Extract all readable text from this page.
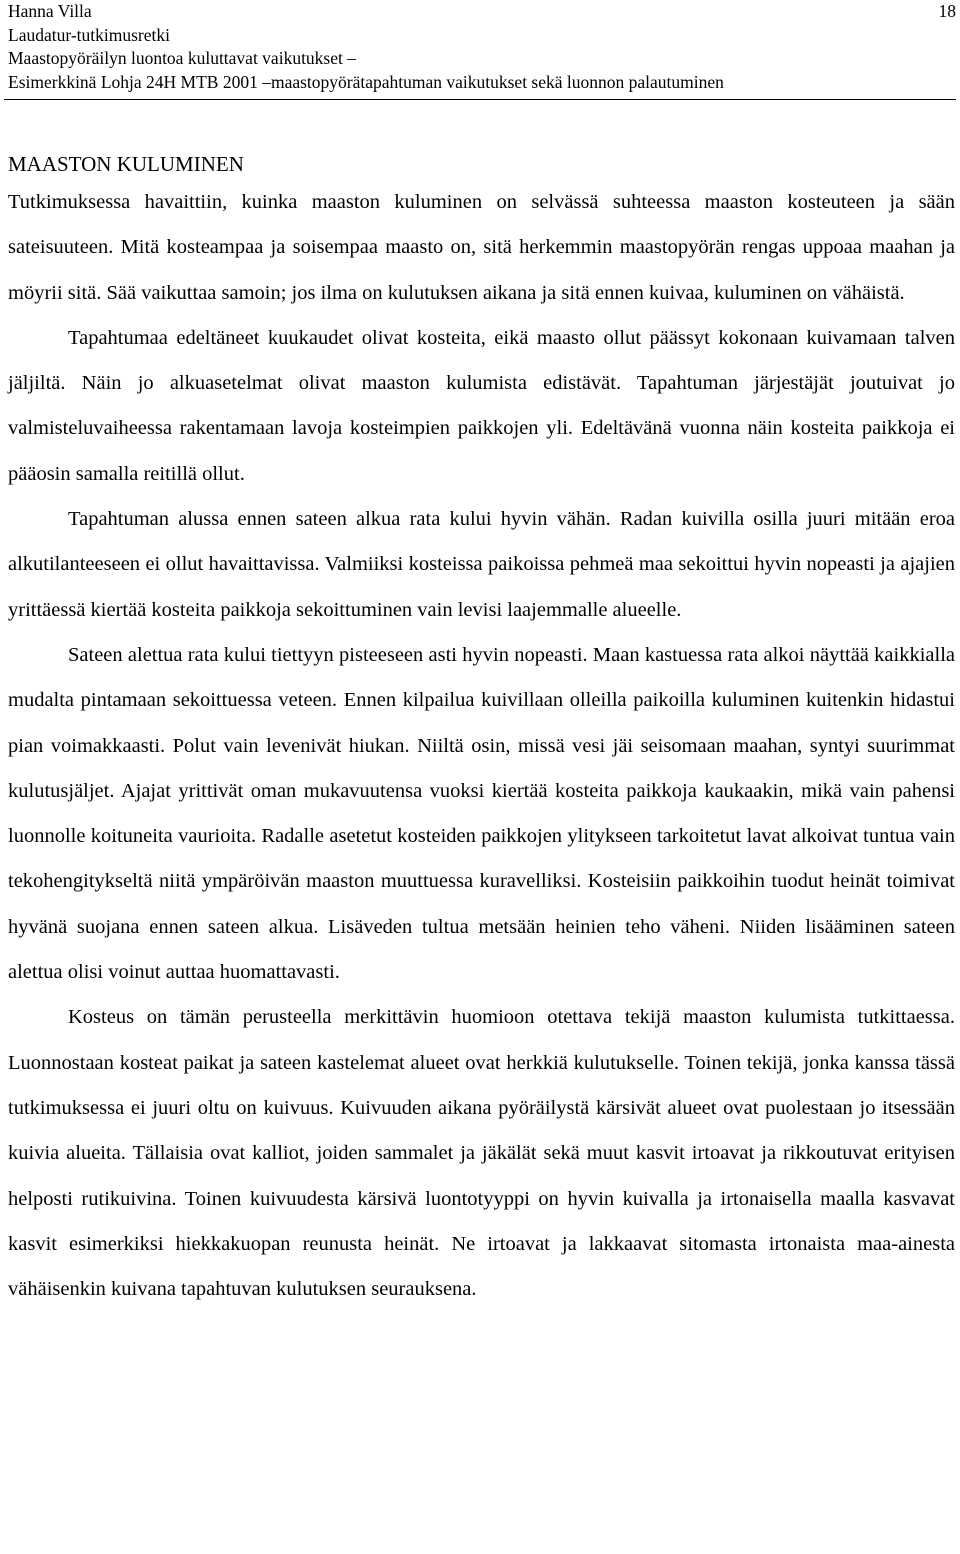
Hanna Villa
Laudatur-tutkimusretki
Maastopyöräilyn luontoa kuluttavat vaikutukset –
Esimerkkinä Lohja 24H MTB 2001 –maastopyörätapahtuman vaikutukset sekä luonnon palautuminen
18
MAASTON KULUMINEN

Tutkimuksessa havaittiin, kuinka maaston kuluminen on selvässä suhteessa maaston kosteuteen ja sään sateisuuteen. Mitä kosteampaa ja soisempaa maasto on, sitä herkemmin maastopyörän rengas uppoaa maahan ja möyrii sitä. Sää vaikuttaa samoin; jos ilma on kulutuksen aikana ja sitä ennen kuivaa, kuluminen on vähäistä.

Tapahtumaa edeltäneet kuukaudet olivat kosteita, eikä maasto ollut päässyt kokonaan kuivamaan talven jäljiltä. Näin jo alkuasetelmat olivat maaston kulumista edistävät. Tapahtuman järjestäjät joutuivat jo valmisteluvaiheessa rakentamaan lavoja kosteimpien paikkojen yli. Edeltävänä vuonna näin kosteita paikkoja ei pääosin samalla reitillä ollut.

Tapahtuman alussa ennen sateen alkua rata kului hyvin vähän. Radan kuivilla osilla juuri mitään eroa alkutilanteeseen ei ollut havaittavissa. Valmiiksi kosteissa paikoissa pehmeä maa sekoittui hyvin nopeasti ja ajajien yrittäessä kiertää kosteita paikkoja sekoittuminen vain levisi laajemmalle alueelle.

Sateen alettua rata kului tiettyyn pisteeseen asti hyvin nopeasti. Maan kastuessa rata alkoi näyttää kaikkialla mudalta pintamaan sekoittuessa veteen. Ennen kilpailua kuivillaan olleilla paikoilla kuluminen kuitenkin hidastui pian voimakkaasti. Polut vain levenivät hiukan. Niiltä osin, missä vesi jäi seisomaan maahan, syntyi suurimmat kulutusjäljet. Ajajat yrittivät oman mukavuutensa vuoksi kiertää kosteita paikkoja kaukaakin, mikä vain pahensi luonnolle koituneita vaurioita. Radalle asetetut kosteiden paikkojen ylitykseen tarkoitetut lavat alkoivat tuntua vain tekohengitykseltä niitä ympäröivän maaston muuttuessa kuravelliksi. Kosteisiin paikkoihin tuodut heinät toimivat hyvänä suojana ennen sateen alkua. Lisäveden tultua metsään heinien teho väheni. Niiden lisääminen sateen alettua olisi voinut auttaa huomattavasti.

Kosteus on tämän perusteella merkittävin huomioon otettava tekijä maaston kulumista tutkittaessa. Luonnostaan kosteat paikat ja sateen kastelemat alueet ovat herkkiä kulutukselle. Toinen tekijä, jonka kanssa tässä tutkimuksessa ei juuri oltu on kuivuus. Kuivuuden aikana pyöräilystä kärsivät alueet ovat puolestaan jo itsessään kuivia alueita. Tällaisia ovat kalliot, joiden sammalet ja jäkälät sekä muut kasvit irtoavat ja rikkoutuvat erityisen helposti rutikuivina. Toinen kuivuudesta kärsivä luontotyyppi on hyvin kuivalla ja irtonaisella maalla kasvavat kasvit esimerkiksi hiekkakuopan reunusta heinät. Ne irtoavat ja lakkaavat sitomasta irtonaista maa-ainesta vähäisenkin kuivana tapahtuvan kulutuksen seurauksena.
